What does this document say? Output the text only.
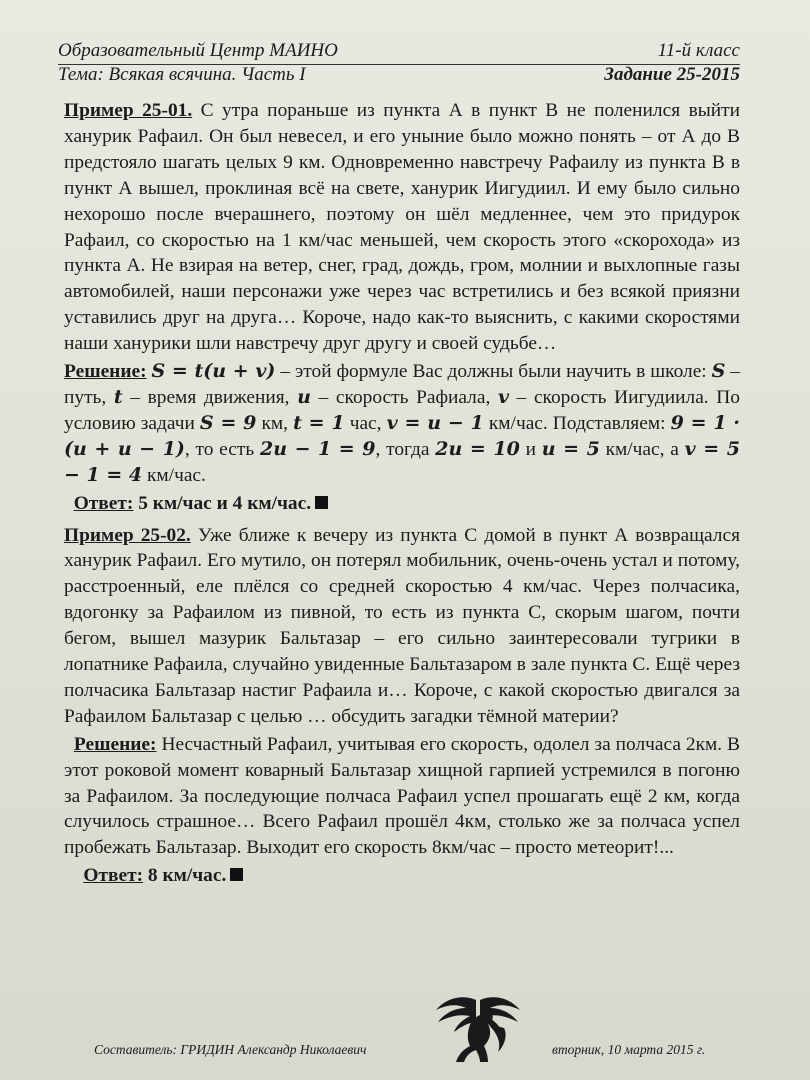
Образовательный Центр МАИНО	11-й класс
Тема: Всякая всячина. Часть I	Задание 25-2015

Пример 25-01. С утра пораньше из пункта А в пункт В не поленился выйти ханурик Рафаил. Он был невесел, и его уныние было можно понять – от А до В предстояло шагать целых 9 км. Одновременно навстречу Рафаилу из пункта В в пункт А вышел, проклиная всё на свете, ханурик Иигудиил. И ему было сильно нехорошо после вчерашнего, поэтому он шёл медленнее, чем это придурок Рафаил, со скоростью на 1 км/час меньшей, чем скорость этого «скорохода» из пункта А. Не взирая на ветер, снег, град, дождь, гром, молнии и выхлопные газы автомобилей, наши персонажи уже через час встретились и без всякой приязни уставились друг на друга… Короче, надо как-то выяснить, с какими скоростями наши ханурики шли навстречу друг другу и своей судьбе…

Решение: S = t(u + v) – этой формуле Вас должны были научить в школе: S – путь, t – время движения, u – скорость Рафиала, v – скорость Иигудиила. По условию задачи S = 9 км, t = 1 час, v = u − 1 км/час. Подставляем: 9 = 1 · (u + u − 1), то есть 2u − 1 = 9, тогда 2u = 10 и u = 5 км/час, а v = 5 − 1 = 4 км/час.

Ответ: 5 км/час и 4 км/час.

Пример 25-02. Уже ближе к вечеру из пункта С домой в пункт А возвращался ханурик Рафаил. Его мутило, он потерял мобильник, очень-очень устал и потому, расстроенный, еле плёлся со средней скоростью 4 км/час. Через полчасика, вдогонку за Рафаилом из пивной, то есть из пункта С, скорым шагом, почти бегом, вышел мазурик Бальтазар – его сильно заинтересовали тугрики в лопатнике Рафаила, случайно увиденные Бальтазаром в зале пункта С. Ещё через полчасика Бальтазар настиг Рафаила и… Короче, с какой скоростью двигался за Рафаилом Бальтазар с целью … обсудить загадки тёмной материи?

Решение: Несчастный Рафаил, учитывая его скорость, одолел за полчаса 2км. В этот роковой момент коварный Бальтазар хищной гарпией устремился в погоню за Рафаилом. За последующие полчаса Рафаил успел прошагать ещё 2 км, когда случилось страшное… Всего Рафаил прошёл 4км, столько же за полчаса успел пробежать Бальтазар. Выходит его скорость 8км/час – просто метеорит!...

Ответ: 8 км/час.

Составитель: ГРИДИН Александр Николаевич	вторник, 10 марта 2015 г.
